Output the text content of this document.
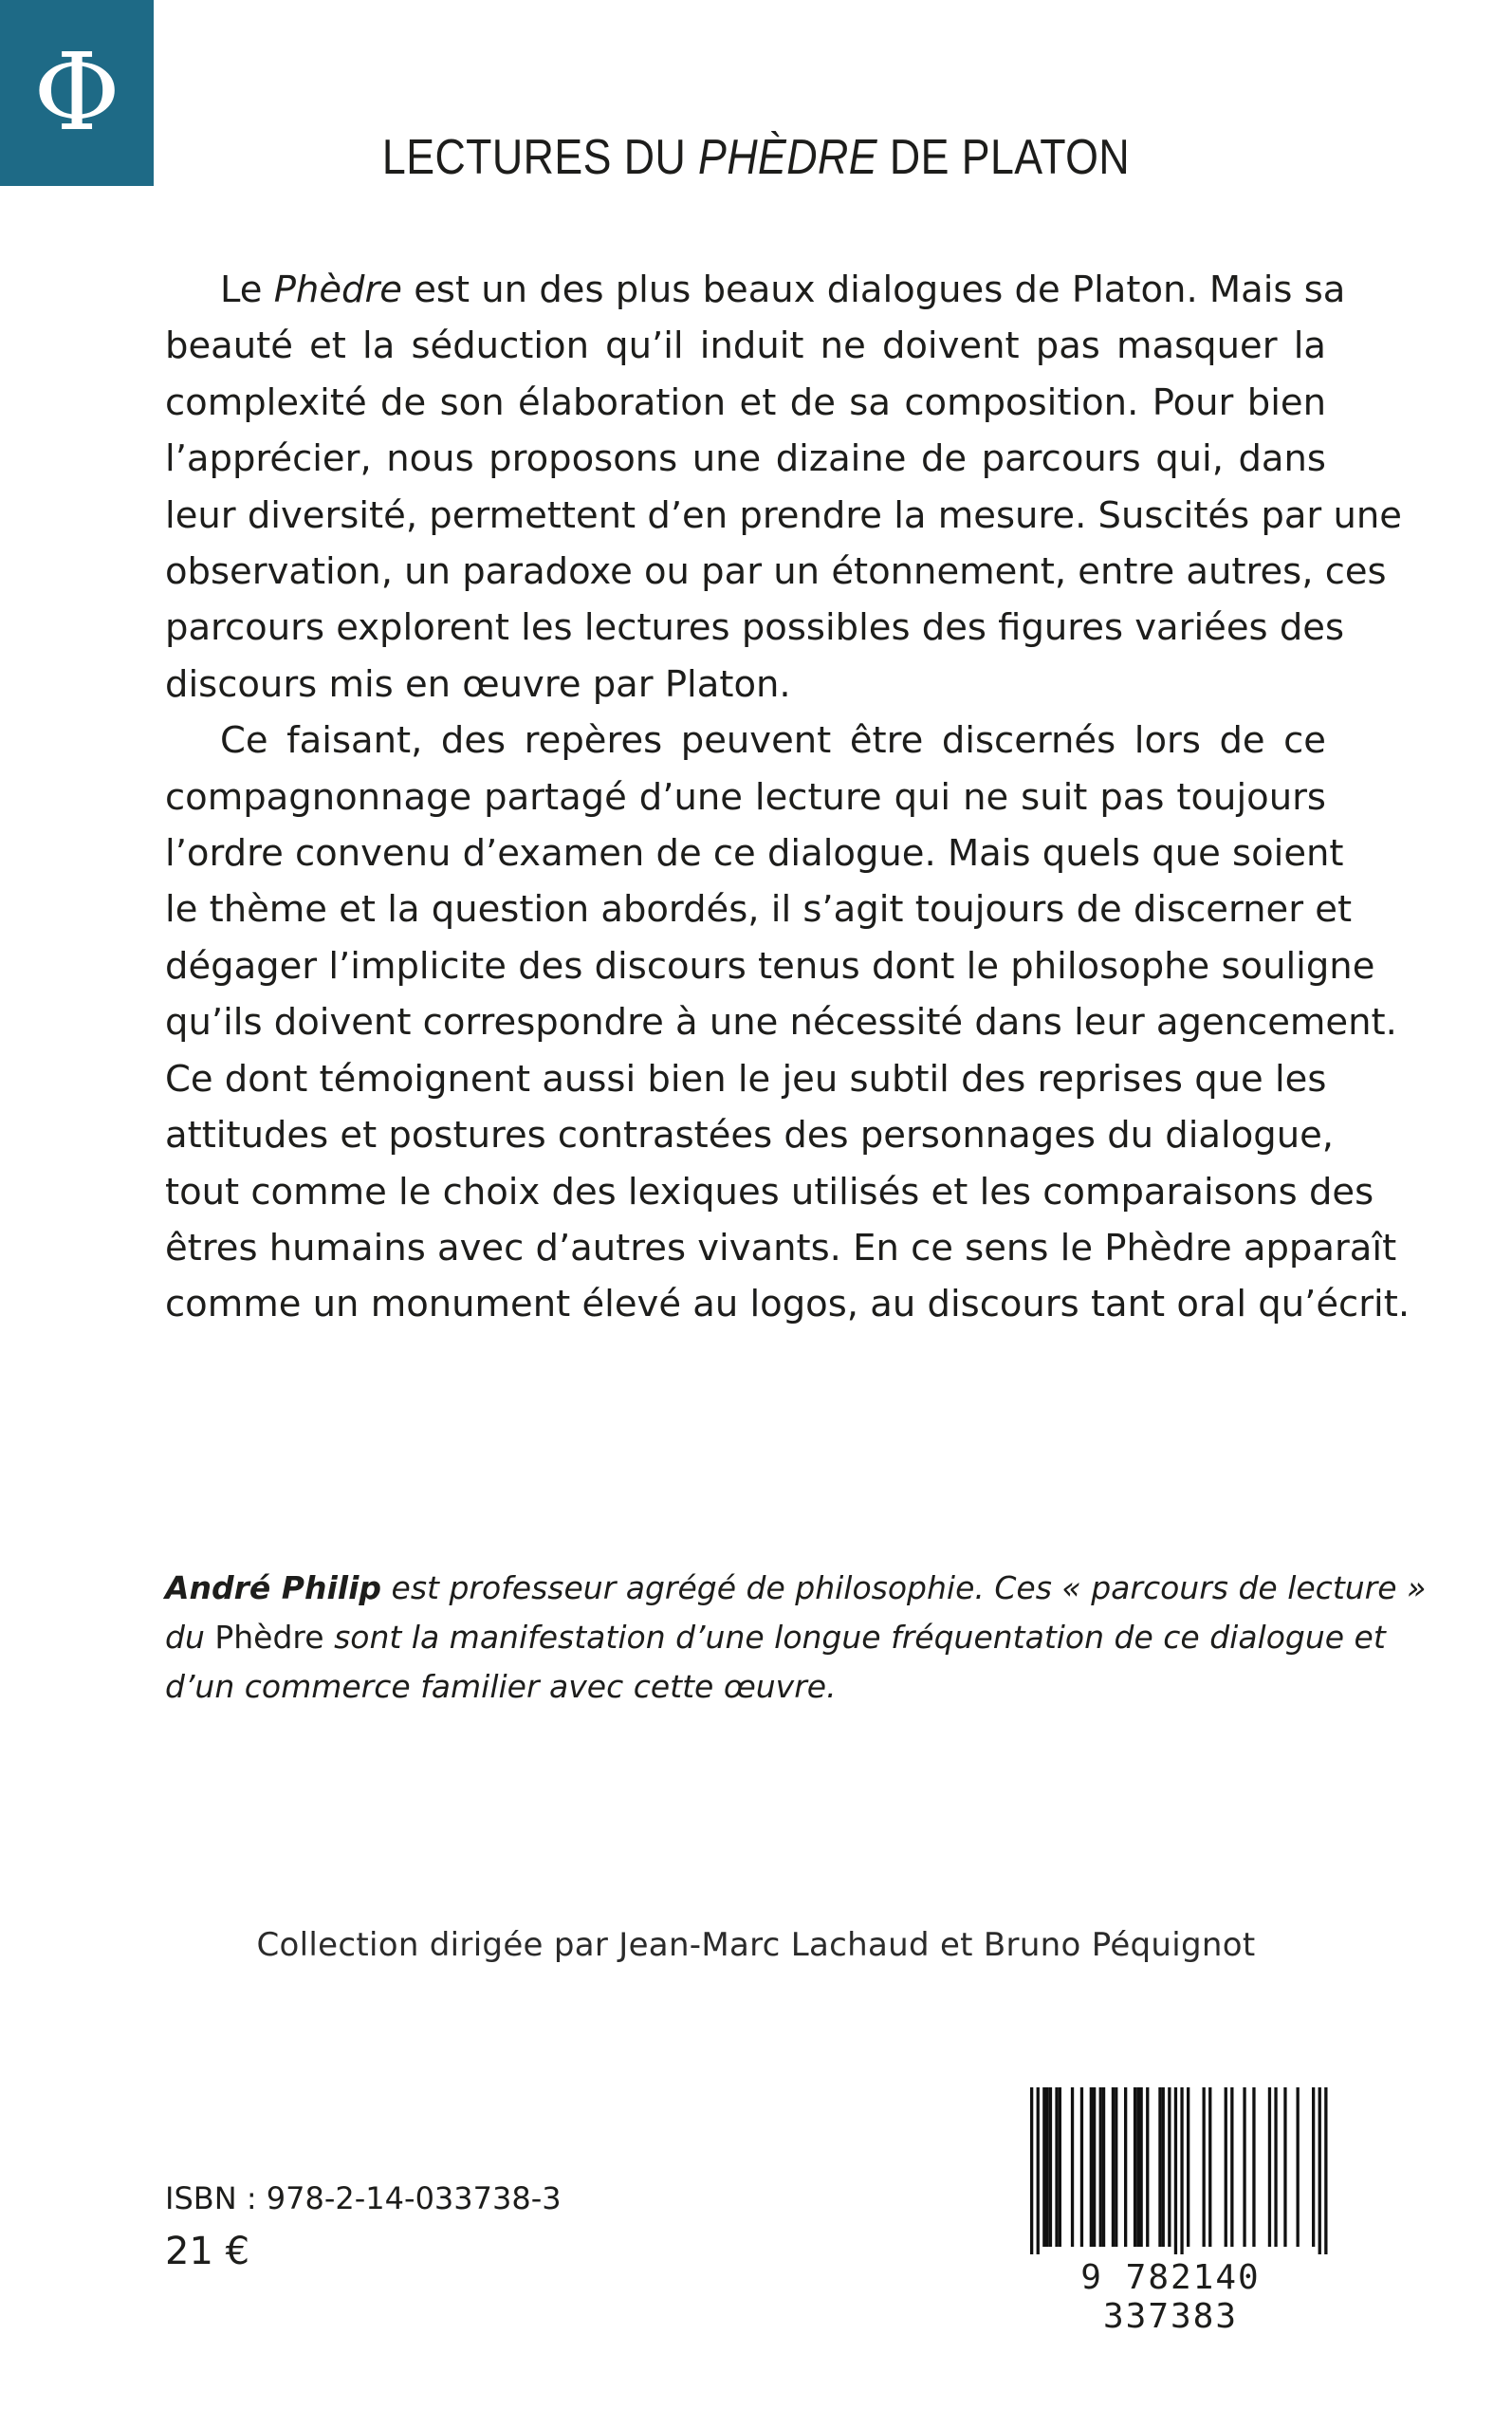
Φ
LECTURES DU PHÈDRE DE PLATON
Le Phèdre est un des plus beaux dialogues de Platon. Mais sa
beauté et la séduction qu’il induit ne doivent pas masquer la
complexité de son élaboration et de sa composition. Pour bien
l’apprécier, nous proposons une dizaine de parcours qui, dans
leur diversité, permettent d’en prendre la mesure. Suscités par une
observation, un paradoxe ou par un étonnement, entre autres, ces
parcours explorent les lectures possibles des figures variées des
discours mis en œuvre par Platon.
Ce faisant, des repères peuvent être discernés lors de ce
compagnonnage partagé d’une lecture qui ne suit pas toujours
l’ordre convenu d’examen de ce dialogue. Mais quels que soient
le thème et la question abordés, il s’agit toujours de discerner et
dégager l’implicite des discours tenus dont le philosophe souligne
qu’ils doivent correspondre à une nécessité dans leur agencement.
Ce dont témoignent aussi bien le jeu subtil des reprises que les
attitudes et postures contrastées des personnages du dialogue,
tout comme le choix des lexiques utilisés et les comparaisons des
êtres humains avec d’autres vivants. En ce sens le Phèdre apparaît
comme un monument élevé au logos, au discours tant oral qu’écrit.
André Philip est professeur agrégé de philosophie. Ces « parcours de lecture »
du Phèdre sont la manifestation d’une longue fréquentation de ce dialogue et
d’un commerce familier avec cette œuvre.
Collection dirigée par Jean-Marc Lachaud et Bruno Péquignot
ISBN : 978-2-14-033738-3
21 €
9 782140 337383
